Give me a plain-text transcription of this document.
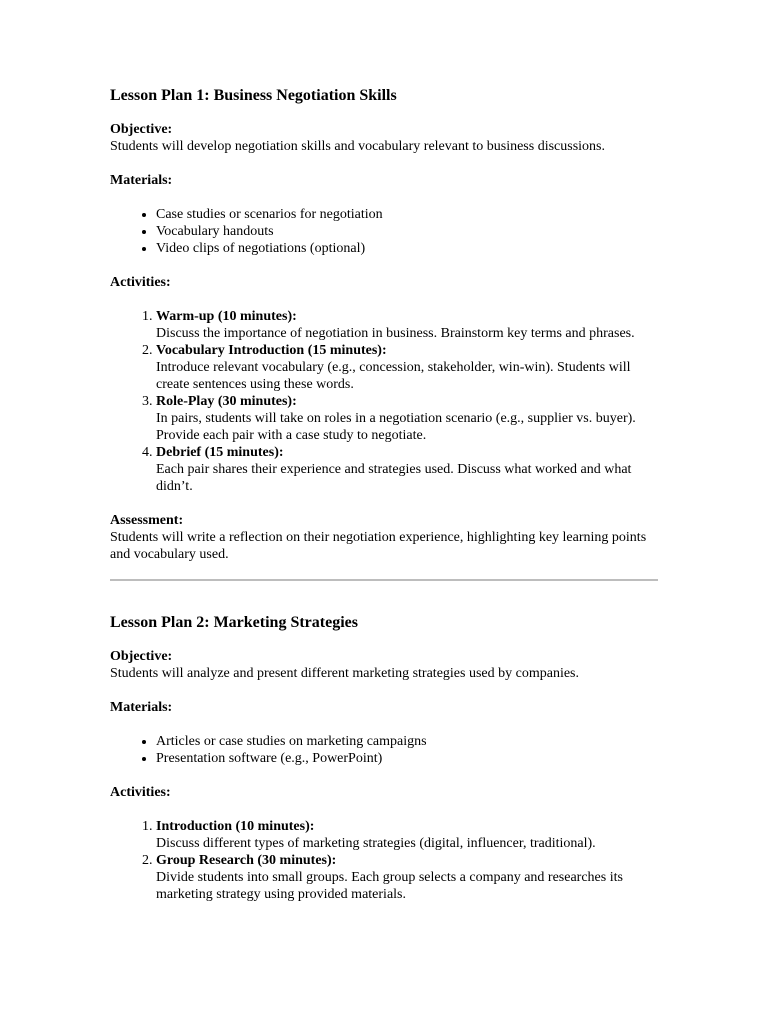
Lesson Plan 1: Business Negotiation Skills

Objective:

Students will develop negotiation skills and vocabulary relevant to business discussions.

Materials:

• Case studies or scenarios for negotiation
• Vocabulary handouts
• Video clips of negotiations (optional)

Activities:

1. Warm-up (10 minutes):
Discuss the importance of negotiation in business. Brainstorm key terms and phrases.
2. Vocabulary Introduction (15 minutes):
Introduce relevant vocabulary (e.g., concession, stakeholder, win-win). Students will create sentences using these words.
3. Role-Play (30 minutes):
In pairs, students will take on roles in a negotiation scenario (e.g., supplier vs. buyer). Provide each pair with a case study to negotiate.
4. Debrief (15 minutes):
Each pair shares their experience and strategies used. Discuss what worked and what didn’t.

Assessment:

Students will write a reflection on their negotiation experience, highlighting key learning points and vocabulary used.

Lesson Plan 2: Marketing Strategies

Objective:

Students will analyze and present different marketing strategies used by companies.

Materials:

• Articles or case studies on marketing campaigns
• Presentation software (e.g., PowerPoint)

Activities:

1. Introduction (10 minutes):
Discuss different types of marketing strategies (digital, influencer, traditional).
2. Group Research (30 minutes):
Divide students into small groups. Each group selects a company and researches its marketing strategy using provided materials.
